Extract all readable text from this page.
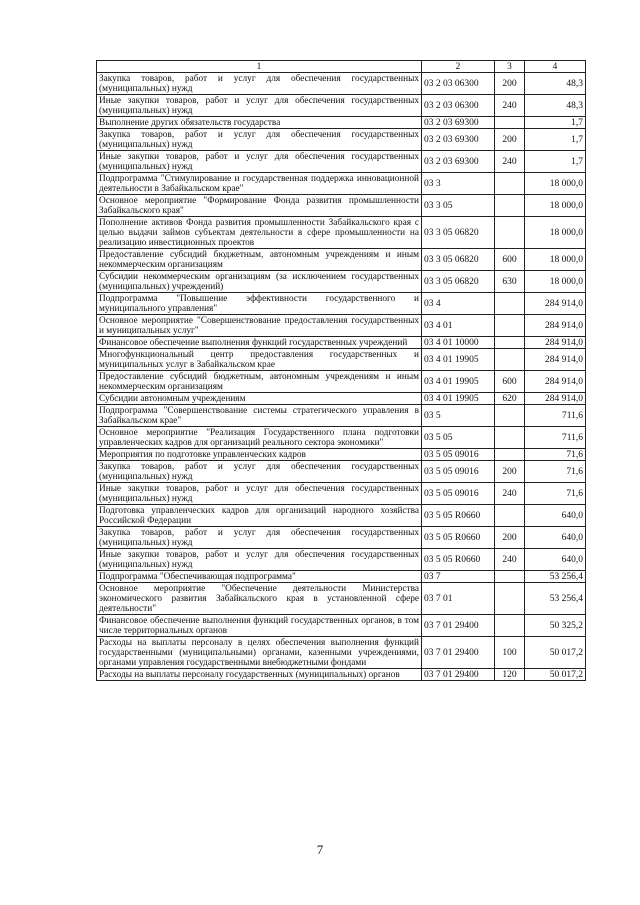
1	2	3	4
Закупка товаров, работ и услуг для обеспечения государственных (муниципальных) нужд	03 2 03 06300	200	48,3
Иные закупки товаров, работ и услуг для обеспечения государственных (муниципальных) нужд	03 2 03 06300	240	48,3
Выполнение других обязательств государства	03 2 03 69300		1,7
Закупка товаров, работ и услуг для обеспечения государственных (муниципальных) нужд	03 2 03 69300	200	1,7
Иные закупки товаров, работ и услуг для обеспечения государственных (муниципальных) нужд	03 2 03 69300	240	1,7
Подпрограмма "Стимулирование и государственная поддержка инновационной деятельности в Забайкальском крае"	03 3		18 000,0
Основное мероприятие "Формирование Фонда развития промышленности Забайкальского края"	03 3 05		18 000,0
Пополнение активов Фонда развития промышленности Забайкальского края с целью выдачи займов субъектам деятельности в сфере промышленности на реализацию инвестиционных проектов	03 3 05 06820		18 000,0
Предоставление субсидий бюджетным, автономным учреждениям и иным некоммерческим организациям	03 3 05 06820	600	18 000,0
Субсидии некоммерческим организациям (за исключением государственных (муниципальных) учреждений)	03 3 05 06820	630	18 000,0
Подпрограмма "Повышение эффективности государственного и муниципального управления"	03 4		284 914,0
Основное мероприятие "Совершенствование предоставления государственных и муниципальных услуг"	03 4 01		284 914,0
Финансовое обеспечение выполнения функций государственных учреждений	03 4 01 10000		284 914,0
Многофункциональный центр предоставления государственных и муниципальных услуг в Забайкальском крае	03 4 01 19905		284 914,0
Предоставление субсидий бюджетным, автономным учреждениям и иным некоммерческим организациям	03 4 01 19905	600	284 914,0
Субсидии автономным учреждениям	03 4 01 19905	620	284 914,0
Подпрограмма "Совершенствование системы стратегического управления в Забайкальском крае"	03 5		711,6
Основное мероприятие "Реализация Государственного плана подготовки управленческих кадров для организаций реального сектора экономики"	03 5 05		711,6
Мероприятия по подготовке управленческих кадров	03 5 05 09016		71,6
Закупка товаров, работ и услуг для обеспечения государственных (муниципальных) нужд	03 5 05 09016	200	71,6
Иные закупки товаров, работ и услуг для обеспечения государственных (муниципальных) нужд	03 5 05 09016	240	71,6
Подготовка управленческих кадров для организаций народного хозяйства Российской Федерации	03 5 05 R0660		640,0
Закупка товаров, работ и услуг для обеспечения государственных (муниципальных) нужд	03 5 05 R0660	200	640,0
Иные закупки товаров, работ и услуг для обеспечения государственных (муниципальных) нужд	03 5 05 R0660	240	640,0
Подпрограмма "Обеспечивающая подпрограмма"	03 7		53 256,4
Основное мероприятие "Обеспечение деятельности Министерства экономического развития Забайкальского края в установленной сфере деятельности"	03 7 01		53 256,4
Финансовое обеспечение выполнения функций государственных органов, в том числе территориальных органов	03 7 01 29400		50 325,2
Расходы на выплаты персоналу в целях обеспечения выполнения функций государственными (муниципальными) органами, казенными учреждениями, органами управления государственными внебюджетными фондами	03 7 01 29400	100	50 017,2
Расходы на выплаты персоналу государственных (муниципальных) органов	03 7 01 29400	120	50 017,2
7
